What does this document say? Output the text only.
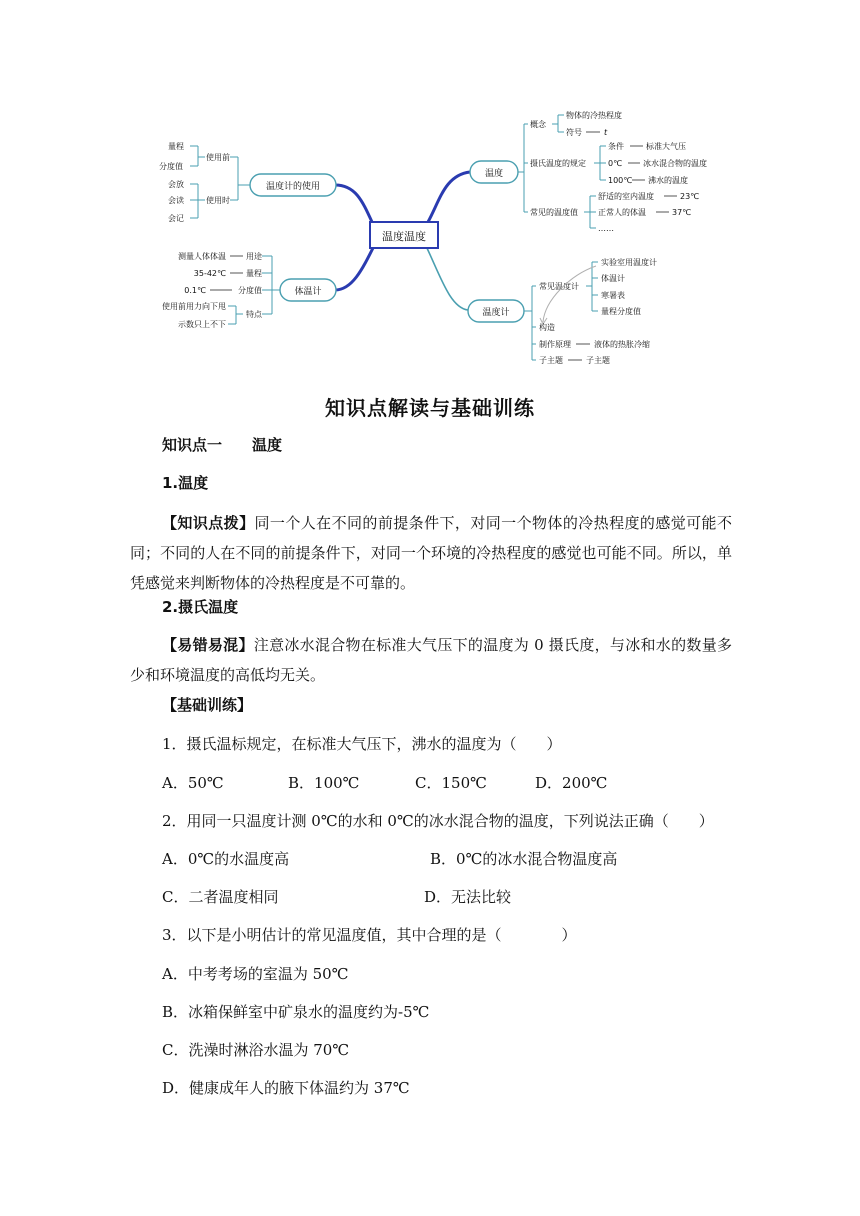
温度温度
温度计的使用
使用前
使用时
量程
分度值
会放
会读
会记
体温计
用途
测量人体体温
量程
35-42℃
分度值
0.1℃
特点
使用前用力向下甩
示数只上不下
温度
概念
物体的冷热程度
符号	t
摄氏温度的规定
条件	标准大气压
0℃	冰水混合物的温度
100℃ 沸水的温度
常见的温度值
舒适的室内温度	23℃
正常人的体温	37℃
……
温度计
常见温度计
实验室用温度计
体温计
寒暑表
量程分度值
构造
制作原理	液体的热胀冷缩
子主题	子主题
知识点解读与基础训练
知识点一　　温度
1.温度
【知识点拨】同一个人在不同的前提条件下，对同一个物体的冷热程度的感觉可能不同；不同的人在不同的前提条件下，对同一个环境的冷热程度的感觉也可能不同。所以，单凭感觉来判断物体的冷热程度是不可靠的。
2.摄氏温度
【易错易混】注意冰水混合物在标准大气压下的温度为 0 摄氏度，与冰和水的数量多少和环境温度的高低均无关。
【基础训练】
1．摄氏温标规定，在标准大气压下，沸水的温度为（　　）
A．50℃	B．100℃	C．150℃	D．200℃
2．用同一只温度计测 0℃的水和 0℃的冰水混合物的温度，下列说法正确（　　）
A．0℃的水温度高	B．0℃的冰水混合物温度高
C．二者温度相同	D．无法比较
3．以下是小明估计的常见温度值，其中合理的是（　　　　）
A．中考考场的室温为 50℃
B．冰箱保鲜室中矿泉水的温度约为-5℃
C．洗澡时淋浴水温为 70℃
D．健康成年人的腋下体温约为 37℃
